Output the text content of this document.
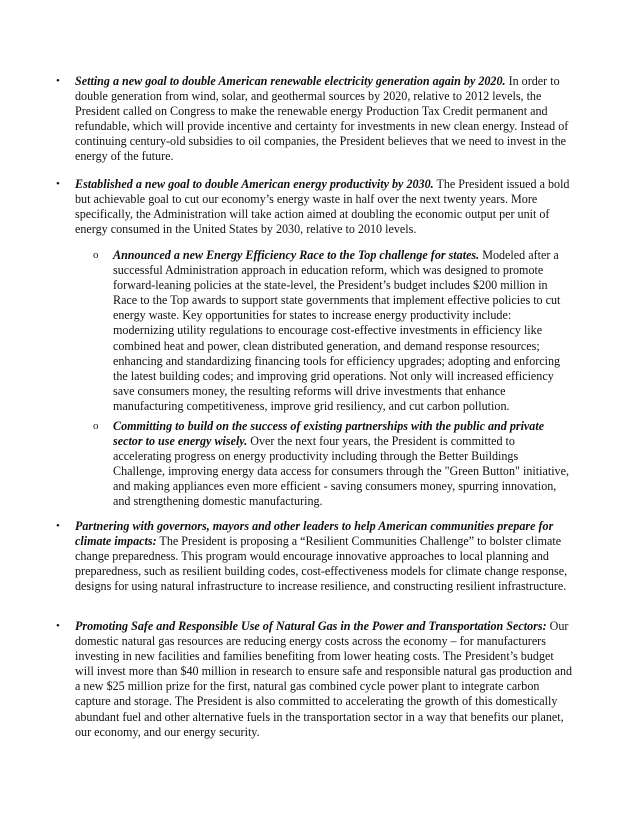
• Setting a new goal to double American renewable electricity generation again by 2020. In order to double generation from wind, solar, and geothermal sources by 2020, relative to 2012 levels, the President called on Congress to make the renewable energy Production Tax Credit permanent and refundable, which will provide incentive and certainty for investments in new clean energy. Instead of continuing century-old subsidies to oil companies, the President believes that we need to invest in the energy of the future.
• Established a new goal to double American energy productivity by 2030. The President issued a bold but achievable goal to cut our economy’s energy waste in half over the next twenty years. More specifically, the Administration will take action aimed at doubling the economic output per unit of energy consumed in the United States by 2030, relative to 2010 levels.
o Announced a new Energy Efficiency Race to the Top challenge for states. Modeled after a successful Administration approach in education reform, which was designed to promote forward-leaning policies at the state-level, the President’s budget includes $200 million in Race to the Top awards to support state governments that implement effective policies to cut energy waste. Key opportunities for states to increase energy productivity include: modernizing utility regulations to encourage cost-effective investments in efficiency like combined heat and power, clean distributed generation, and demand response resources; enhancing and standardizing financing tools for efficiency upgrades; adopting and enforcing the latest building codes; and improving grid operations. Not only will increased efficiency save consumers money, the resulting reforms will drive investments that enhance manufacturing competitiveness, improve grid resiliency, and cut carbon pollution.
o Committing to build on the success of existing partnerships with the public and private sector to use energy wisely. Over the next four years, the President is committed to accelerating progress on energy productivity including through the Better Buildings Challenge, improving energy data access for consumers through the "Green Button" initiative, and making appliances even more efficient - saving consumers money, spurring innovation, and strengthening domestic manufacturing.
• Partnering with governors, mayors and other leaders to help American communities prepare for climate impacts: The President is proposing a “Resilient Communities Challenge” to bolster climate change preparedness. This program would encourage innovative approaches to local planning and preparedness, such as resilient building codes, cost-effectiveness models for climate change response, designs for using natural infrastructure to increase resilience, and constructing resilient infrastructure.
• Promoting Safe and Responsible Use of Natural Gas in the Power and Transportation Sectors: Our domestic natural gas resources are reducing energy costs across the economy – for manufacturers investing in new facilities and families benefiting from lower heating costs. The President’s budget will invest more than $40 million in research to ensure safe and responsible natural gas production and a new $25 million prize for the first, natural gas combined cycle power plant to integrate carbon capture and storage. The President is also committed to accelerating the growth of this domestically abundant fuel and other alternative fuels in the transportation sector in a way that benefits our planet, our economy, and our energy security.
